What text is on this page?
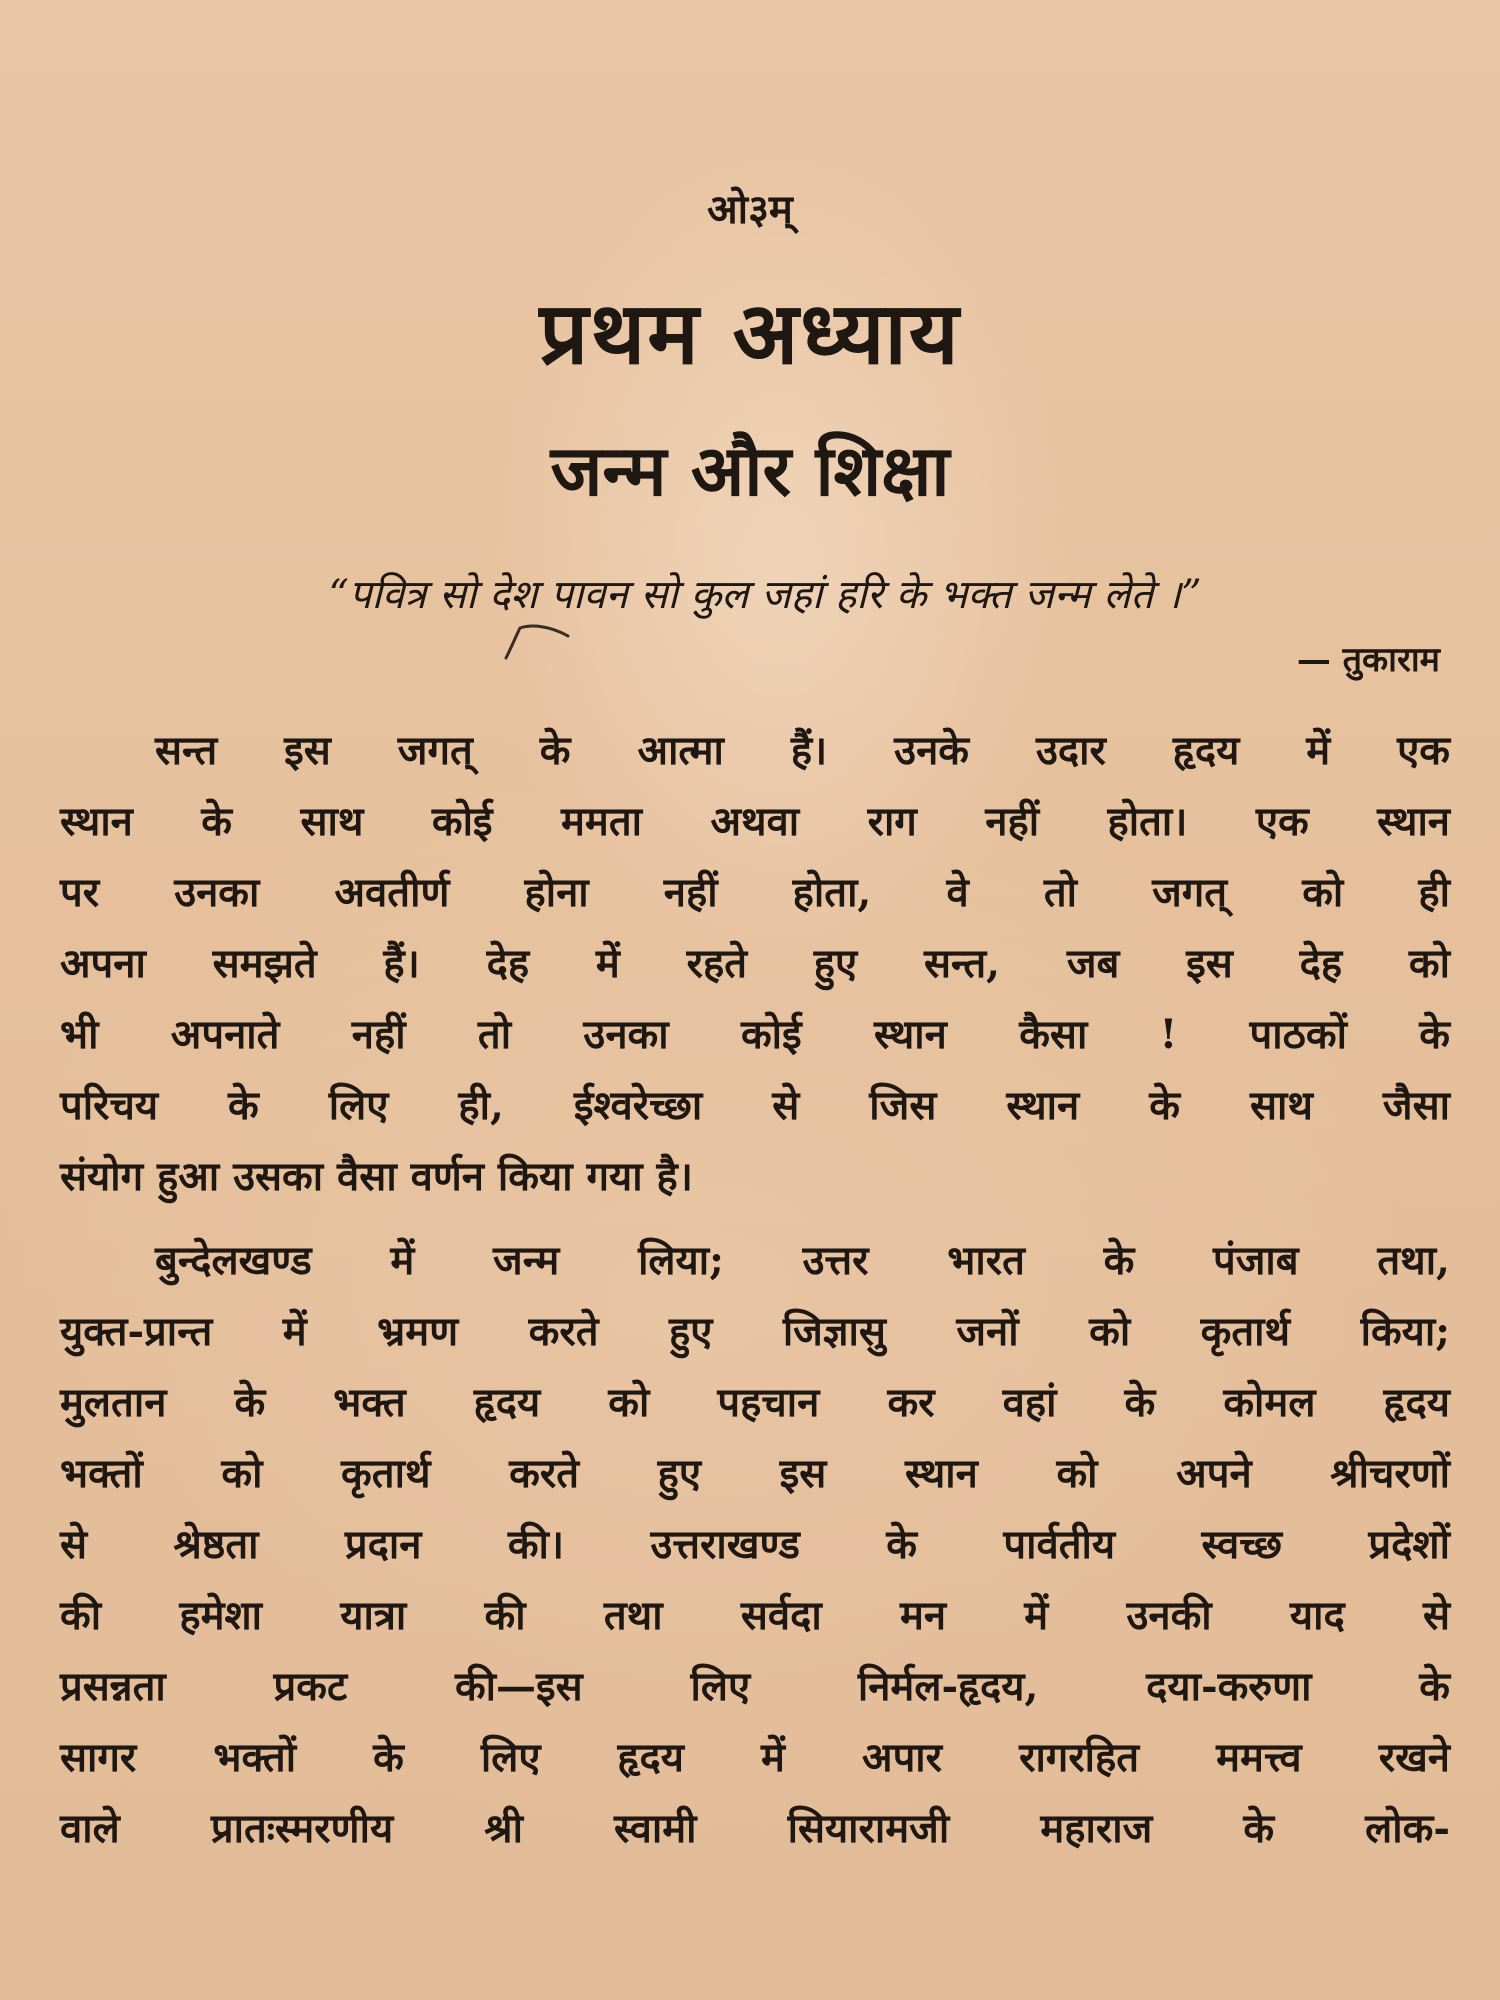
ओ३म्
प्रथम अध्याय
जन्म और शिक्षा
“पवित्र सो देश पावन सो कुल जहां हरि के भक्त जन्म लेते ।”
— तुकाराम
सन्त इस जगत् के आत्मा हैं। उनके उदार हृदय में एक
स्थान के साथ कोई ममता अथवा राग नहीं होता। एक स्थान
पर उनका अवतीर्ण होना नहीं होता, वे तो जगत् को ही
अपना समझते हैं। देह में रहते हुए सन्त, जब इस देह को
भी अपनाते नहीं तो उनका कोई स्थान कैसा ! पाठकों के
परिचय के लिए ही, ईश्वरेच्छा से जिस स्थान के साथ जैसा
संयोग हुआ उसका वैसा वर्णन किया गया है।
बुन्देलखण्ड में जन्म लिया; उत्तर भारत के पंजाब तथा,
युक्त-प्रान्त में भ्रमण करते हुए जिज्ञासु जनों को कृतार्थ किया;
मुलतान के भक्त हृदय को पहचान कर वहां के कोमल हृदय
भक्तों को कृतार्थ करते हुए इस स्थान को अपने श्रीचरणों
से श्रेष्ठता प्रदान की। उत्तराखण्ड के पार्वतीय स्वच्छ प्रदेशों
की हमेशा यात्रा की तथा सर्वदा मन में उनकी याद से
प्रसन्नता प्रकट की—इस लिए निर्मल-हृदय, दया-करुणा के
सागर भक्तों के लिए हृदय में अपार रागरहित ममत्त्व रखने
वाले प्रातःस्मरणीय श्री स्वामी सियारामजी महाराज के लोक-
